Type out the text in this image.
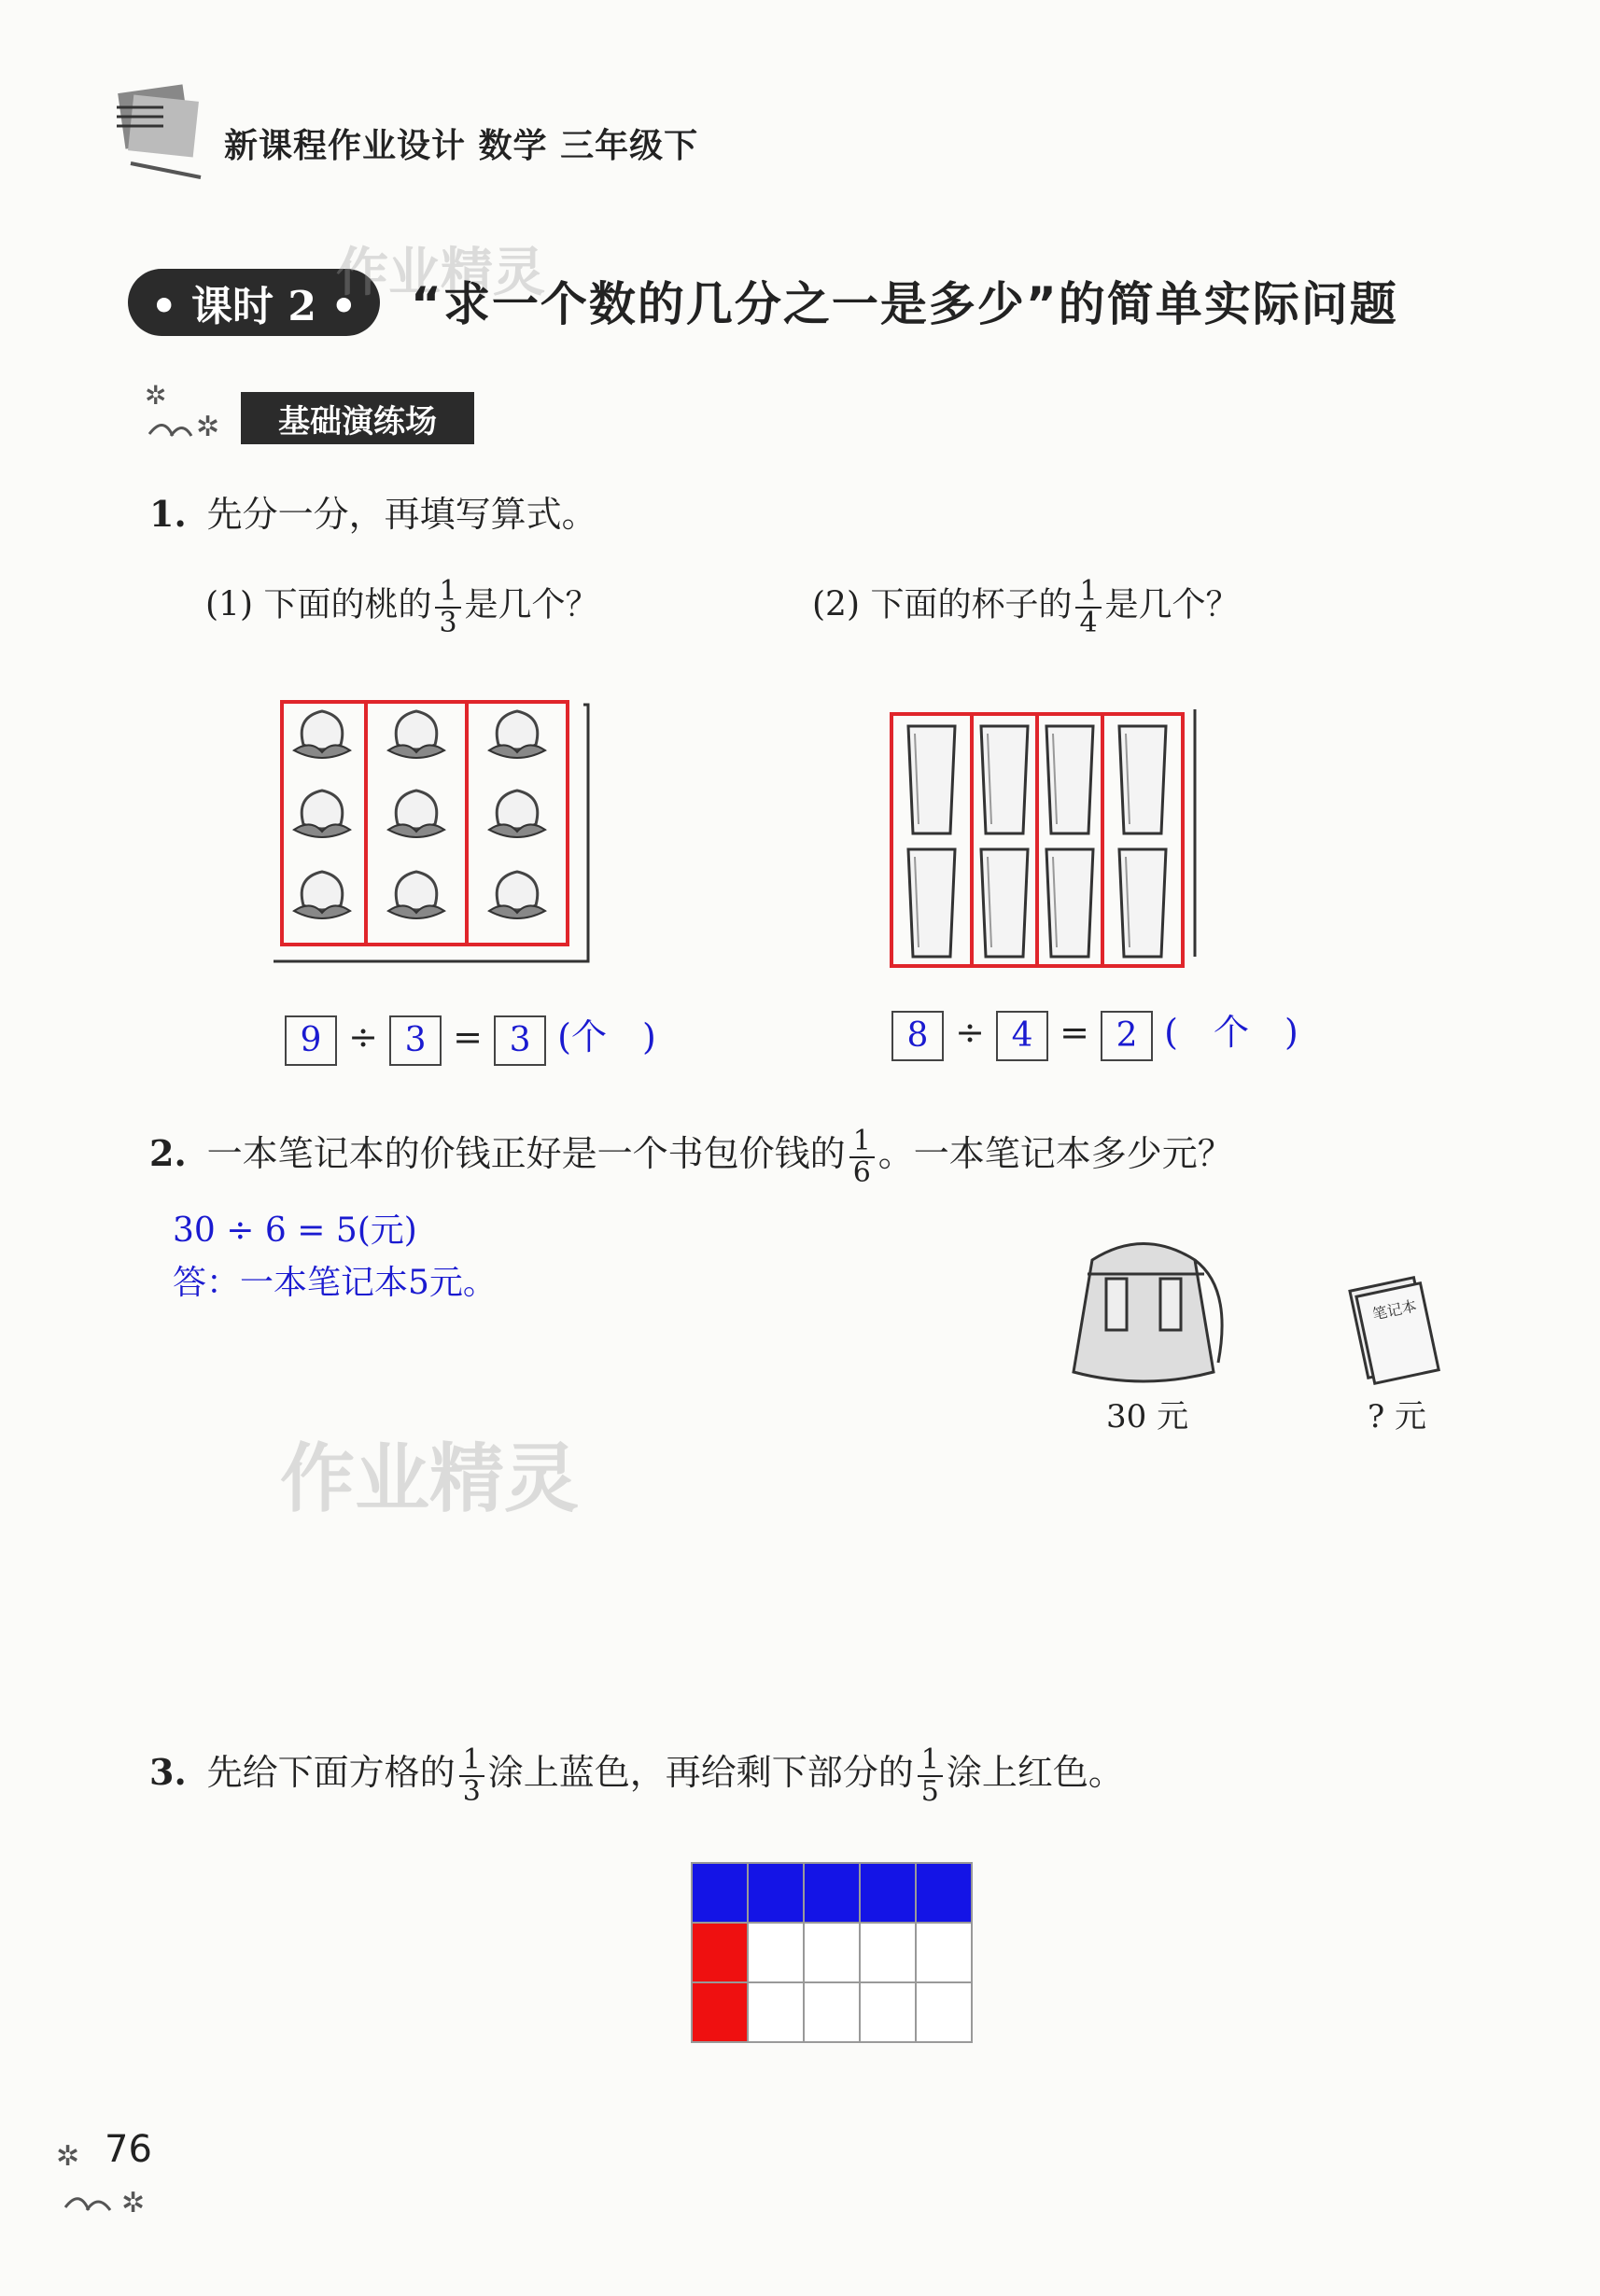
新课程作业设计 数学 三年级下
• 课时 2 •
作业精灵
“求一个数的几分之一是多少”的简单实际问题
✲
✲	基础演练场
1. 先分一分，再填写算式。
(1) 下面的桃的 $\frac{1}{3}$ 是几个？	(2) 下面的杯子的 $\frac{1}{4}$ 是几个？
9 ÷ 3 = 3 (个　)	8 ÷ 4 = 2 (　个　)
2. 一本笔记本的价钱正好是一个书包价钱的 $\frac{1}{6}$ 。一本笔记本多少元？
30 ÷ 6 = 5(元)
答：一本笔记本5元。
30 元
笔记本
? 元
作业精灵
3. 先给下面方格的 $\frac{1}{3}$ 涂上蓝色，再给剩下部分的 $\frac{1}{5}$ 涂上红色。

✲
✲
76
